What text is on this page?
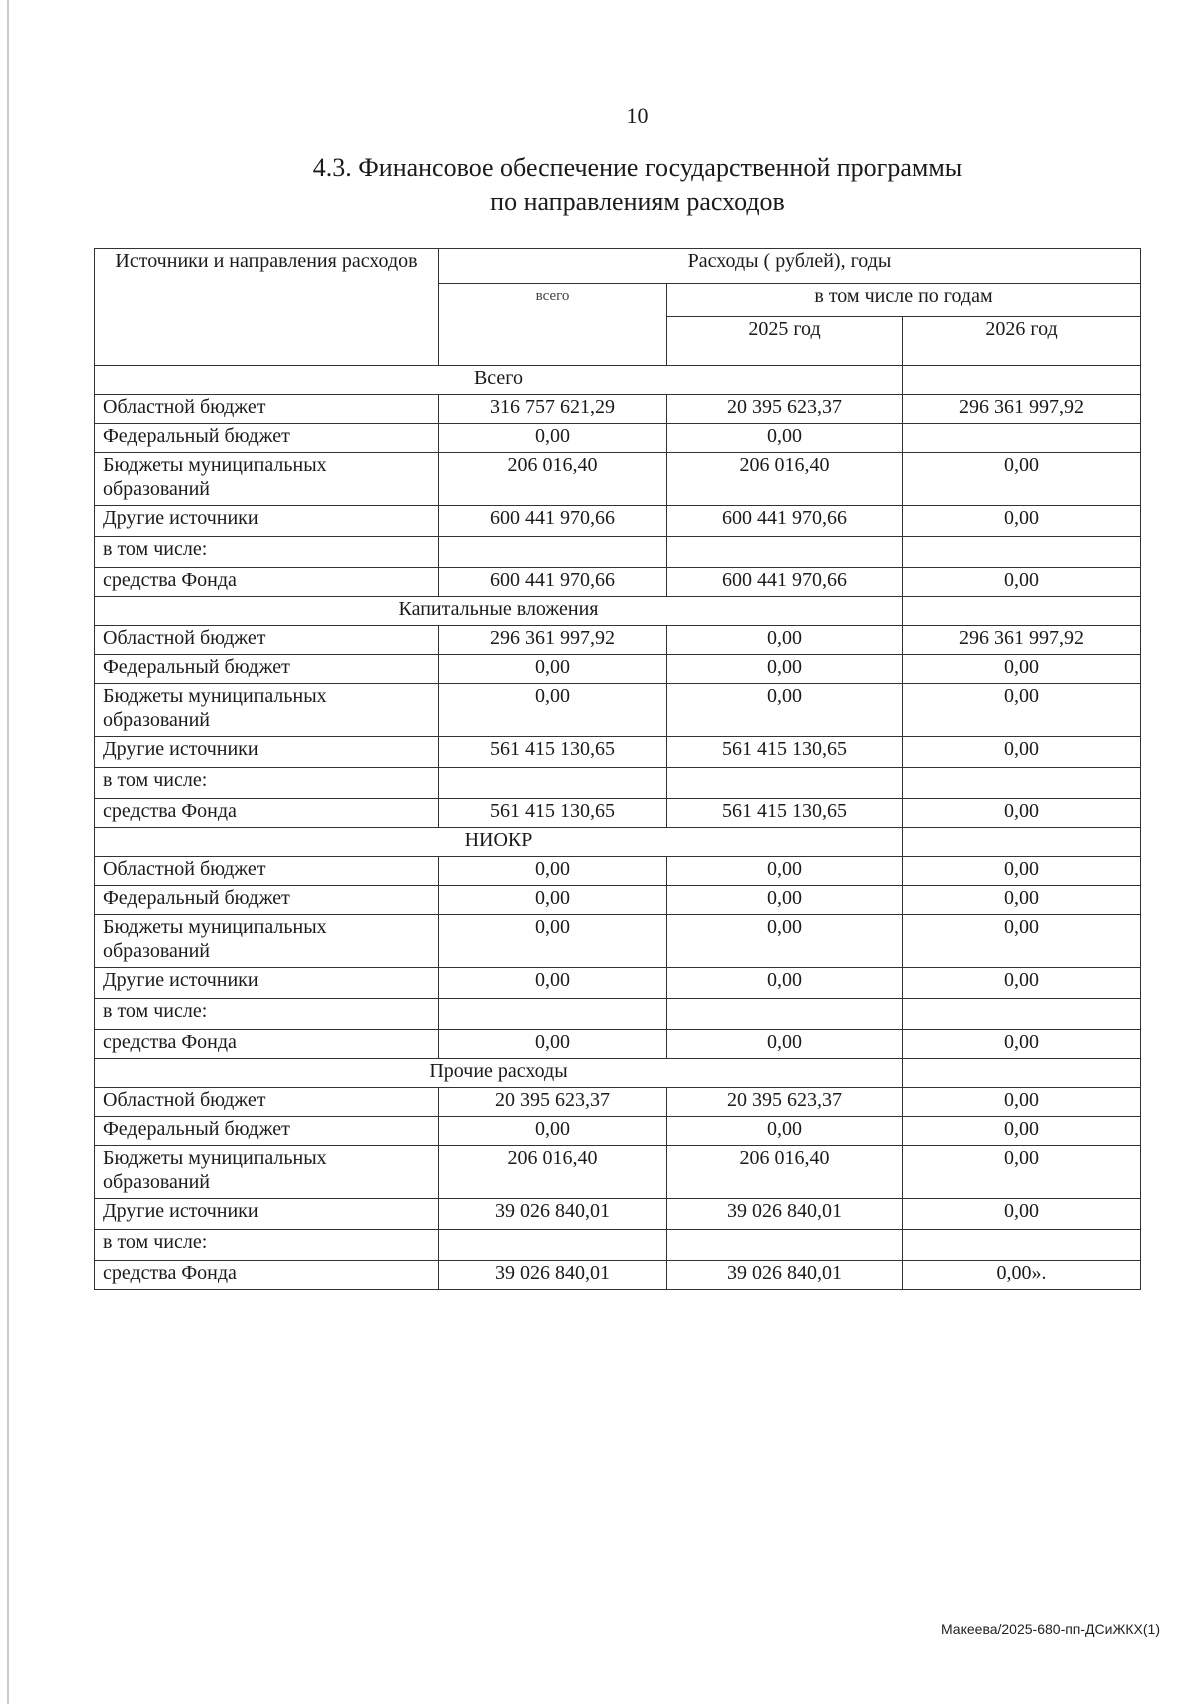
10
4.3. Финансовое обеспечение государственной программы
по направлениям расходов
Источники и направления расходов	Расходы ( рублей), годы		
	всего	в том числе по годам	
		2025 год	2026 год
Всего			
Областной бюджет	316 757 621,29	20 395 623,37	296 361 997,92
Федеральный бюджет	0,00	0,00	
Бюджеты муниципальных образований	206 016,40	206 016,40	0,00
Другие источники	600 441 970,66	600 441 970,66	0,00
в том числе:			
средства Фонда	600 441 970,66	600 441 970,66	0,00
Капитальные вложения			
Областной бюджет	296 361 997,92	0,00	296 361 997,92
Федеральный бюджет	0,00	0,00	0,00
Бюджеты муниципальных образований	0,00	0,00	0,00
Другие источники	561 415 130,65	561 415 130,65	0,00
в том числе:			
средства Фонда	561 415 130,65	561 415 130,65	0,00
НИОКР			
Областной бюджет	0,00	0,00	0,00
Федеральный бюджет	0,00	0,00	0,00
Бюджеты муниципальных образований	0,00	0,00	0,00
Другие источники	0,00	0,00	0,00
в том числе:			
средства Фонда	0,00	0,00	0,00
Прочие расходы			
Областной бюджет	20 395 623,37	20 395 623,37	0,00
Федеральный бюджет	0,00	0,00	0,00
Бюджеты муниципальных образований	206 016,40	206 016,40	0,00
Другие источники	39 026 840,01	39 026 840,01	0,00
в том числе:			
средства Фонда	39 026 840,01	39 026 840,01	0,00».
Макеева/2025-680-пп-ДСиЖКХ(1)
